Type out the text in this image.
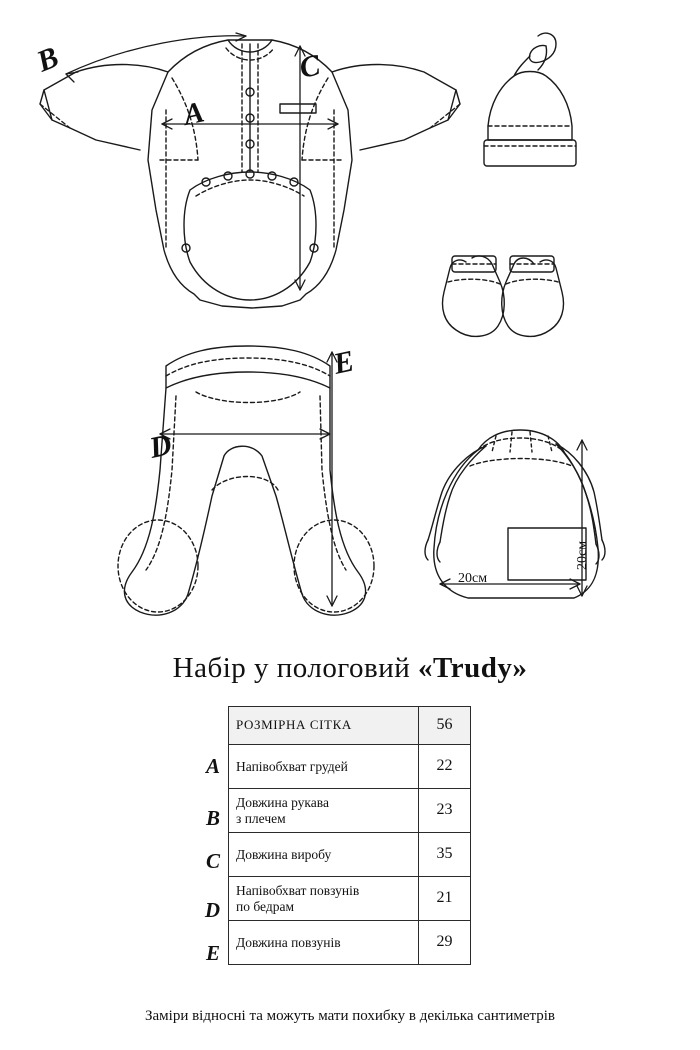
B
A
C
D
E
20см
20см
Набір у пологовий «Trudy»
A
B
C
D
E
РОЗМІРНА СІТКА	56
Напівобхват грудей	22

Довжина рукава
з плечем	23
Довжина виробу	35

Напівобхват повзунів
по бедрам	21
Довжина повзунів	29
Заміри відносні та можуть мати похибку в декілька сантиметрів
